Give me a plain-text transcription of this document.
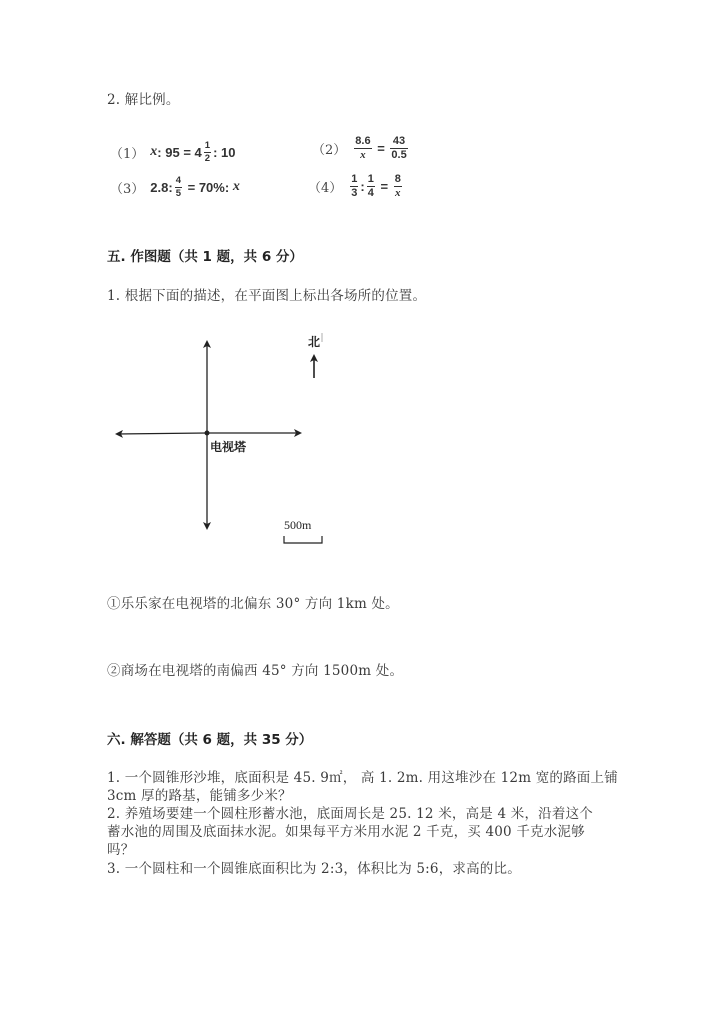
2. 解比例。
（1） x : $95 = 4 \frac{1}{2}$ : 10	$(2) \frac{8.6}{x} = \frac{43}{0.5}$
（3） 2.8 : $\frac{4}{5} = 70\%$ : x	$(4) \frac{1}{3}$ : $\frac{1}{4} = \frac{8}{x}$
五. 作图题（共 1 题，共 6 分）
1. 根据下面的描述，在平面图上标出各场所的位置。
北
电视塔
500m
①乐乐家在电视塔的北偏东 30° 方向 1km 处。
②商场在电视塔的南偏西 45° 方向 1500m 处。
六. 解答题（共 6 题，共 35 分）
1. 一个圆锥形沙堆，底面积是 45. 9㎡， 高 1. 2m. 用这堆沙在 12m 宽的路面上铺
3cm 厚的路基，能铺多少米？
2. 养殖场要建一个圆柱形蓄水池，底面周长是 25. 12 米，高是 4 米，沿着这个
蓄水池的周围及底面抹水泥。如果每平方米用水泥 2 千克，买 400 千克水泥够
吗？
3. 一个圆柱和一个圆锥底面积比为 2:3，体积比为 5:6，求高的比。
